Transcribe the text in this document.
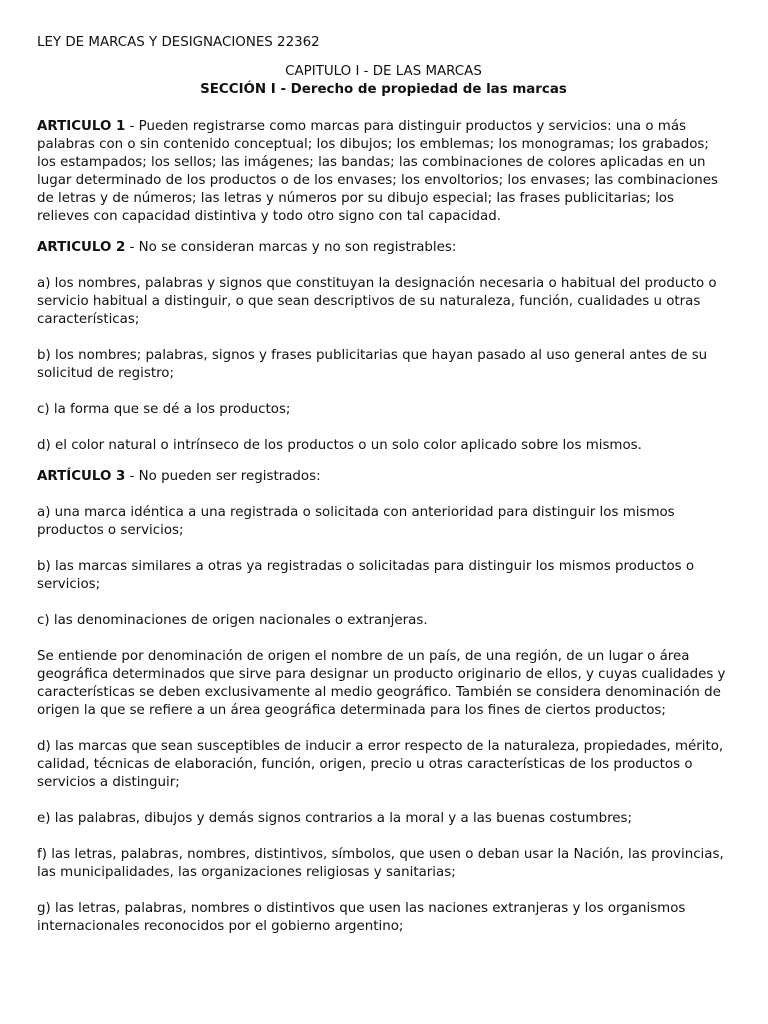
LEY DE MARCAS Y DESIGNACIONES 22362

CAPITULO I - DE LAS MARCAS

SECCIÓN I - Derecho de propiedad de las marcas

ARTICULO 1 - Pueden registrarse como marcas para distinguir productos y servicios: una o más palabras con o sin contenido conceptual; los dibujos; los emblemas; los monogramas; los grabados; los estampados; los sellos; las imágenes; las bandas; las combinaciones de colores aplicadas en un lugar determinado de los productos o de los envases; los envoltorios; los envases; las combinaciones de letras y de números; las letras y números por su dibujo especial; las frases publicitarias; los relieves con capacidad distintiva y todo otro signo con tal capacidad.

ARTICULO 2 - No se consideran marcas y no son registrables:

a) los nombres, palabras y signos que constituyan la designación necesaria o habitual del producto o servicio habitual a distinguir, o que sean descriptivos de su naturaleza, función, cualidades u otras características;

b) los nombres; palabras, signos y frases publicitarias que hayan pasado al uso general antes de su solicitud de registro;

c) la forma que se dé a los productos;

d) el color natural o intrínseco de los productos o un solo color aplicado sobre los mismos.

ARTÍCULO 3 - No pueden ser registrados:

a) una marca idéntica a una registrada o solicitada con anterioridad para distinguir los mismos productos o servicios;

b) las marcas similares a otras ya registradas o solicitadas para distinguir los mismos productos o servicios;

c) las denominaciones de origen nacionales o extranjeras.

Se entiende por denominación de origen el nombre de un país, de una región, de un lugar o área geográfica determinados que sirve para designar un producto originario de ellos, y cuyas cualidades y características se deben exclusivamente al medio geográfico. También se considera denominación de origen la que se refiere a un área geográfica determinada para los fines de ciertos productos;

d) las marcas que sean susceptibles de inducir a error respecto de la naturaleza, propiedades, mérito, calidad, técnicas de elaboración, función, origen, precio u otras características de los productos o servicios a distinguir;

e) las palabras, dibujos y demás signos contrarios a la moral y a las buenas costumbres;

f) las letras, palabras, nombres, distintivos, símbolos, que usen o deban usar la Nación, las provincias, las municipalidades, las organizaciones religiosas y sanitarias;

g) las letras, palabras, nombres o distintivos que usen las naciones extranjeras y los organismos internacionales reconocidos por el gobierno argentino;
